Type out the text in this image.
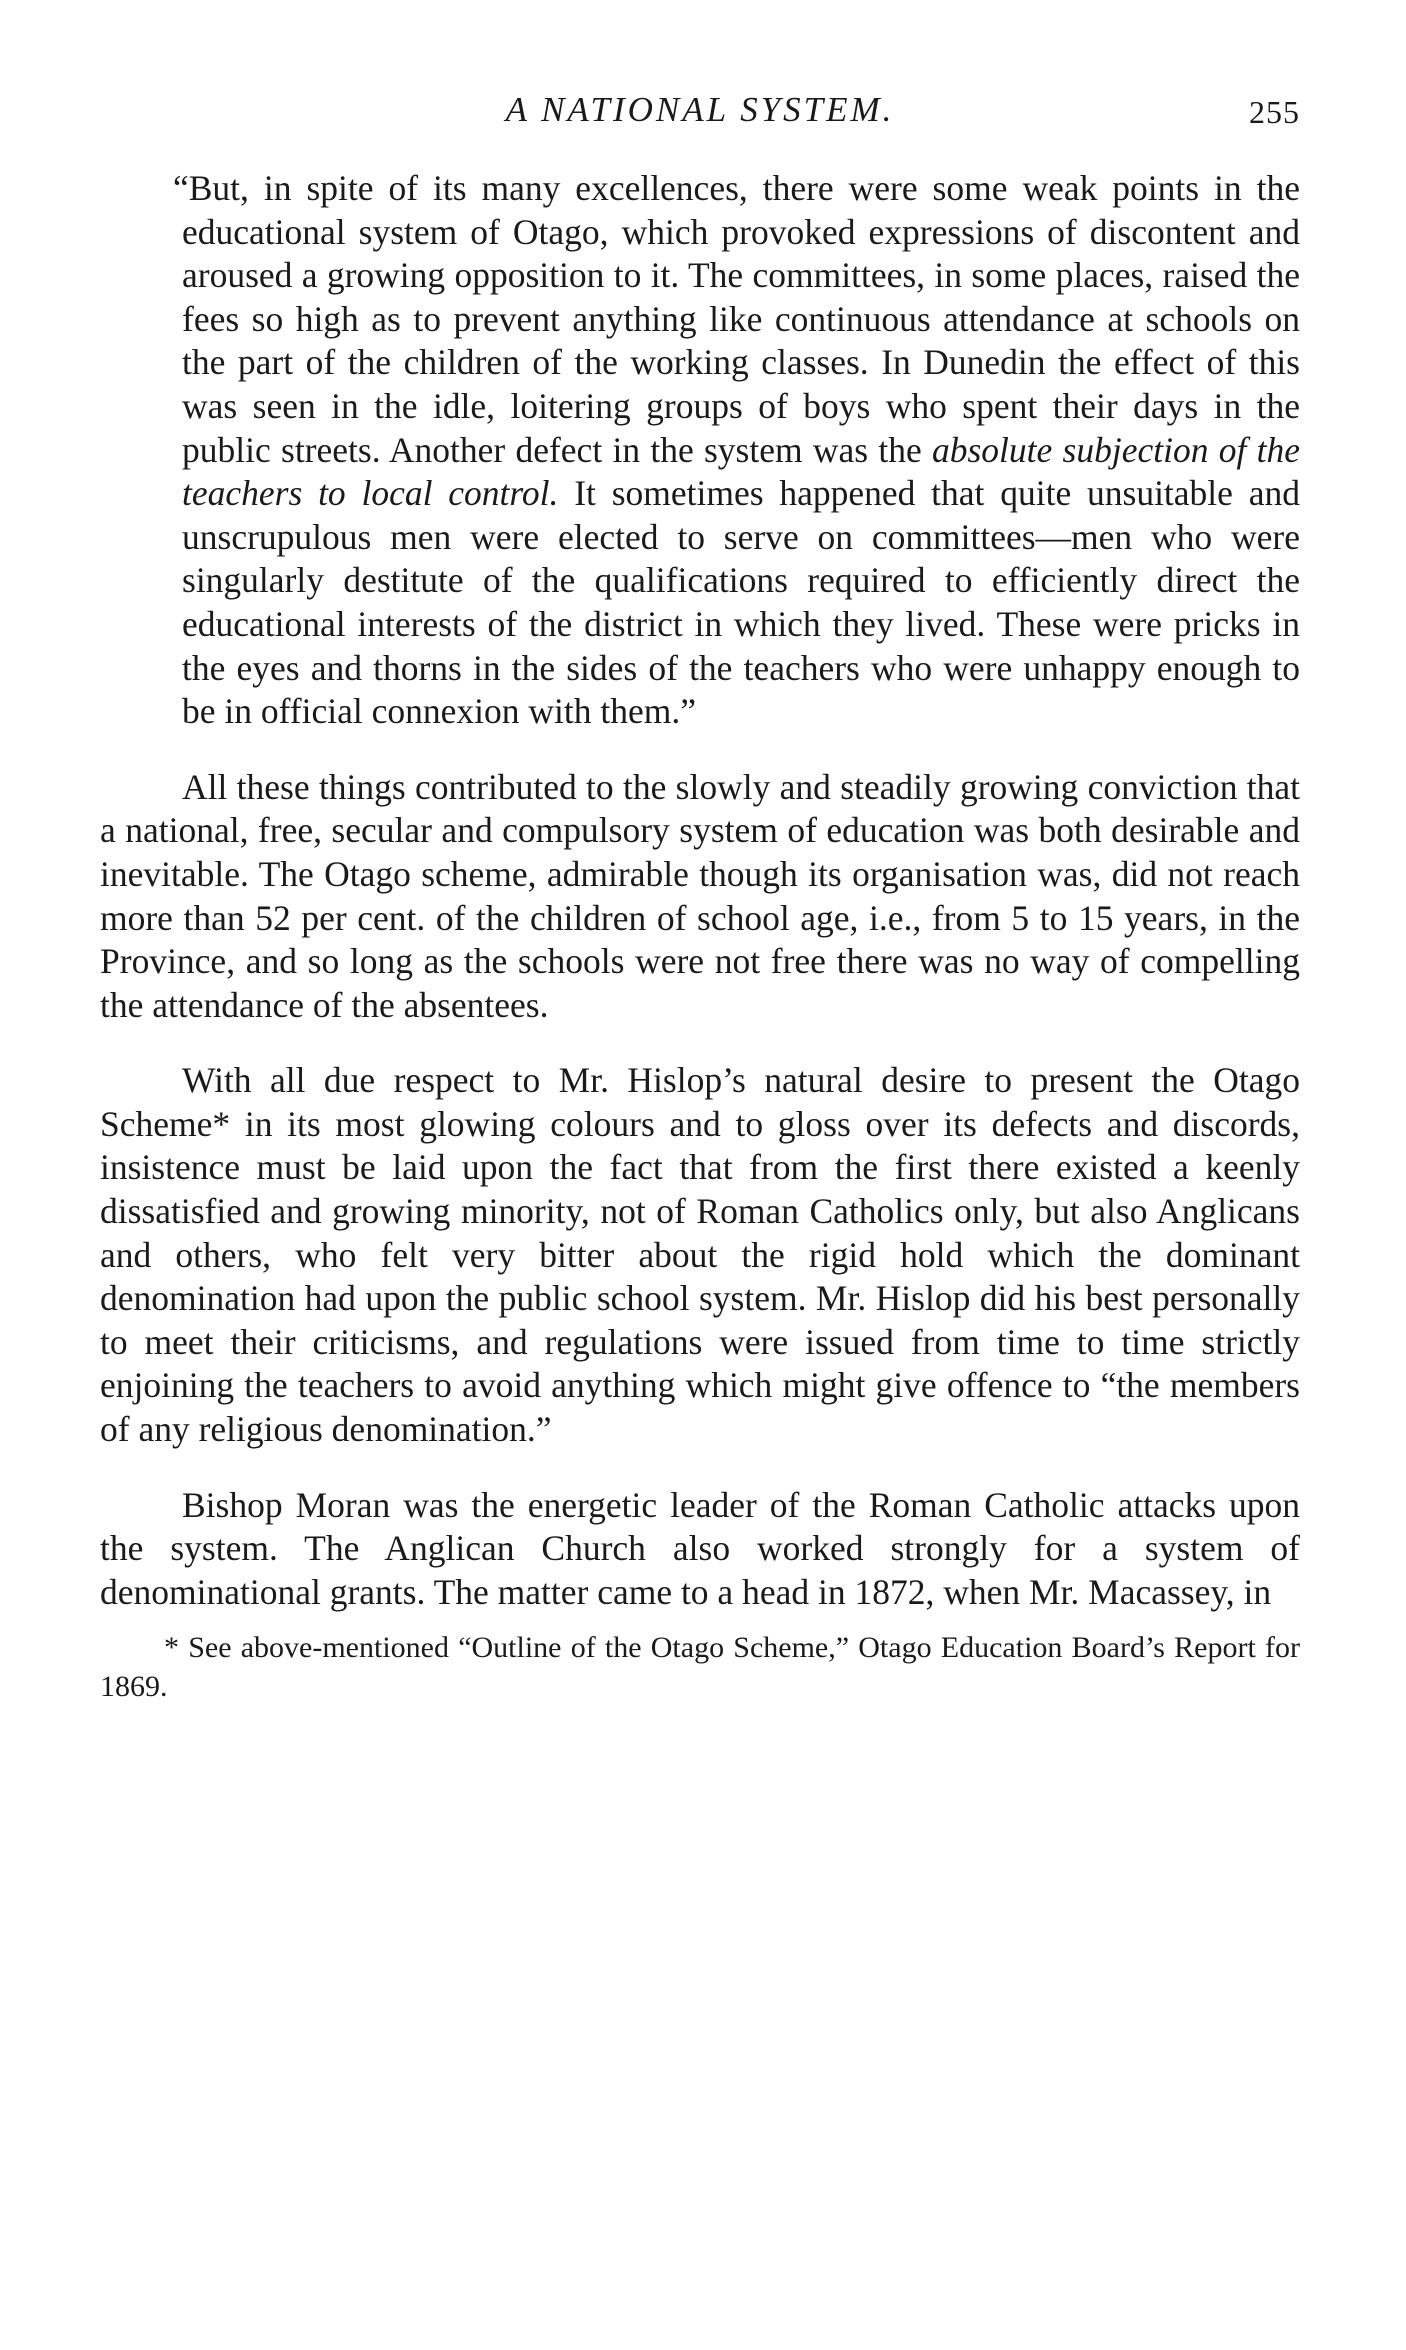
A NATIONAL SYSTEM.	255

“But, in spite of its many excellences, there were some weak points in the educational system of Otago, which provoked expressions of discontent and aroused a growing opposition to it. The committees, in some places, raised the fees so high as to prevent anything like continuous attendance at schools on the part of the children of the working classes. In Dunedin the effect of this was seen in the idle, loitering groups of boys who spent their days in the public streets. Another defect in the system was the absolute subjection of the teachers to local control. It sometimes happened that quite unsuitable and unscrupulous men were elected to serve on committees—men who were singularly destitute of the qualifications required to efficiently direct the educational interests of the district in which they lived. These were pricks in the eyes and thorns in the sides of the teachers who were unhappy enough to be in official connexion with them.”

All these things contributed to the slowly and steadily growing conviction that a national, free, secular and compulsory system of education was both desirable and inevitable. The Otago scheme, admirable though its organisation was, did not reach more than 52 per cent. of the children of school age, i.e., from 5 to 15 years, in the Province, and so long as the schools were not free there was no way of compelling the attendance of the absentees.

With all due respect to Mr. Hislop’s natural desire to present the Otago Scheme* in its most glowing colours and to gloss over its defects and discords, insistence must be laid upon the fact that from the first there existed a keenly dissatisfied and growing minority, not of Roman Catholics only, but also Anglicans and others, who felt very bitter about the rigid hold which the dominant denomination had upon the public school system. Mr. Hislop did his best personally to meet their criticisms, and regulations were issued from time to time strictly enjoining the teachers to avoid anything which might give offence to “the members of any religious denomination.”

Bishop Moran was the energetic leader of the Roman Catholic attacks upon the system. The Anglican Church also worked strongly for a system of denominational grants. The matter came to a head in 1872, when Mr. Macassey, in

* See above-mentioned “Outline of the Otago Scheme,” Otago Education Board’s Report for 1869.
